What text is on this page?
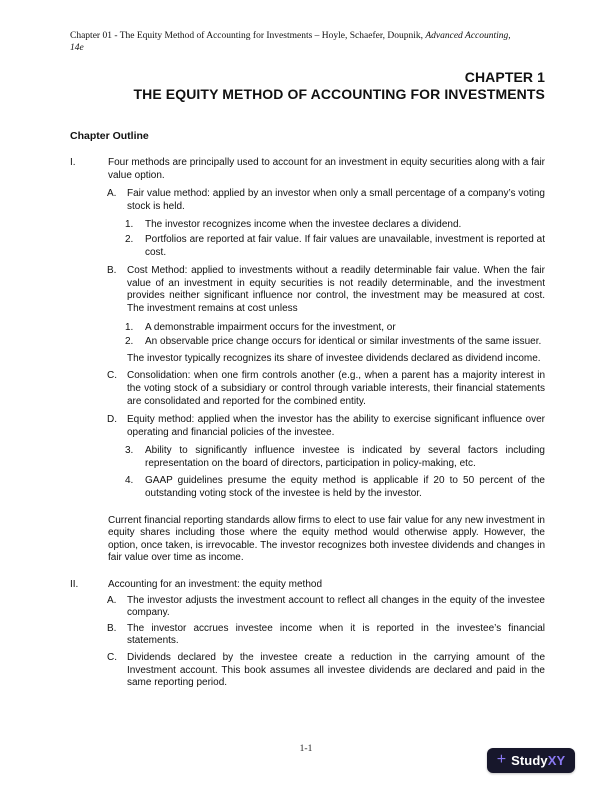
Chapter 01 - The Equity Method of Accounting for Investments – Hoyle, Schaefer, Doupnik, Advanced Accounting,
14e
CHAPTER 1
THE EQUITY METHOD OF ACCOUNTING FOR INVESTMENTS
Chapter Outline
I.	Four methods are principally used to account for an investment in equity securities along with a fair value option.
A.	Fair value method: applied by an investor when only a small percentage of a company’s voting stock is held.
1.	The investor recognizes income when the investee declares a dividend.
2.	Portfolios are reported at fair value. If fair values are unavailable, investment is reported at cost.
B.	Cost Method: applied to investments without a readily determinable fair value. When the fair value of an investment in equity securities is not readily determinable, and the investment provides neither significant influence nor control, the investment may be measured at cost. The investment remains at cost unless
1.	A demonstrable impairment occurs for the investment, or
2.	An observable price change occurs for identical or similar investments of the same issuer.
The investor typically recognizes its share of investee dividends declared as dividend income.
C.	Consolidation: when one firm controls another (e.g., when a parent has a majority interest in the voting stock of a subsidiary or control through variable interests, their financial statements are consolidated and reported for the combined entity.
D.	Equity method: applied when the investor has the ability to exercise significant influence over operating and financial policies of the investee.
3.	Ability to significantly influence investee is indicated by several factors including representation on the board of directors, participation in policy-making, etc.
4.	GAAP guidelines presume the equity method is applicable if 20 to 50 percent of the outstanding voting stock of the investee is held by the investor.
Current financial reporting standards allow firms to elect to use fair value for any new investment in equity shares including those where the equity method would otherwise apply. However, the option, once taken, is irrevocable. The investor recognizes both investee dividends and changes in fair value over time as income.
II.	Accounting for an investment: the equity method
A.	The investor adjusts the investment account to reflect all changes in the equity of the investee company.
B.	The investor accrues investee income when it is reported in the investee’s financial statements.
C.	Dividends declared by the investee create a reduction in the carrying amount of the Investment account. This book assumes all investee dividends are declared and paid in the same reporting period.
1-1
+ StudyXY
